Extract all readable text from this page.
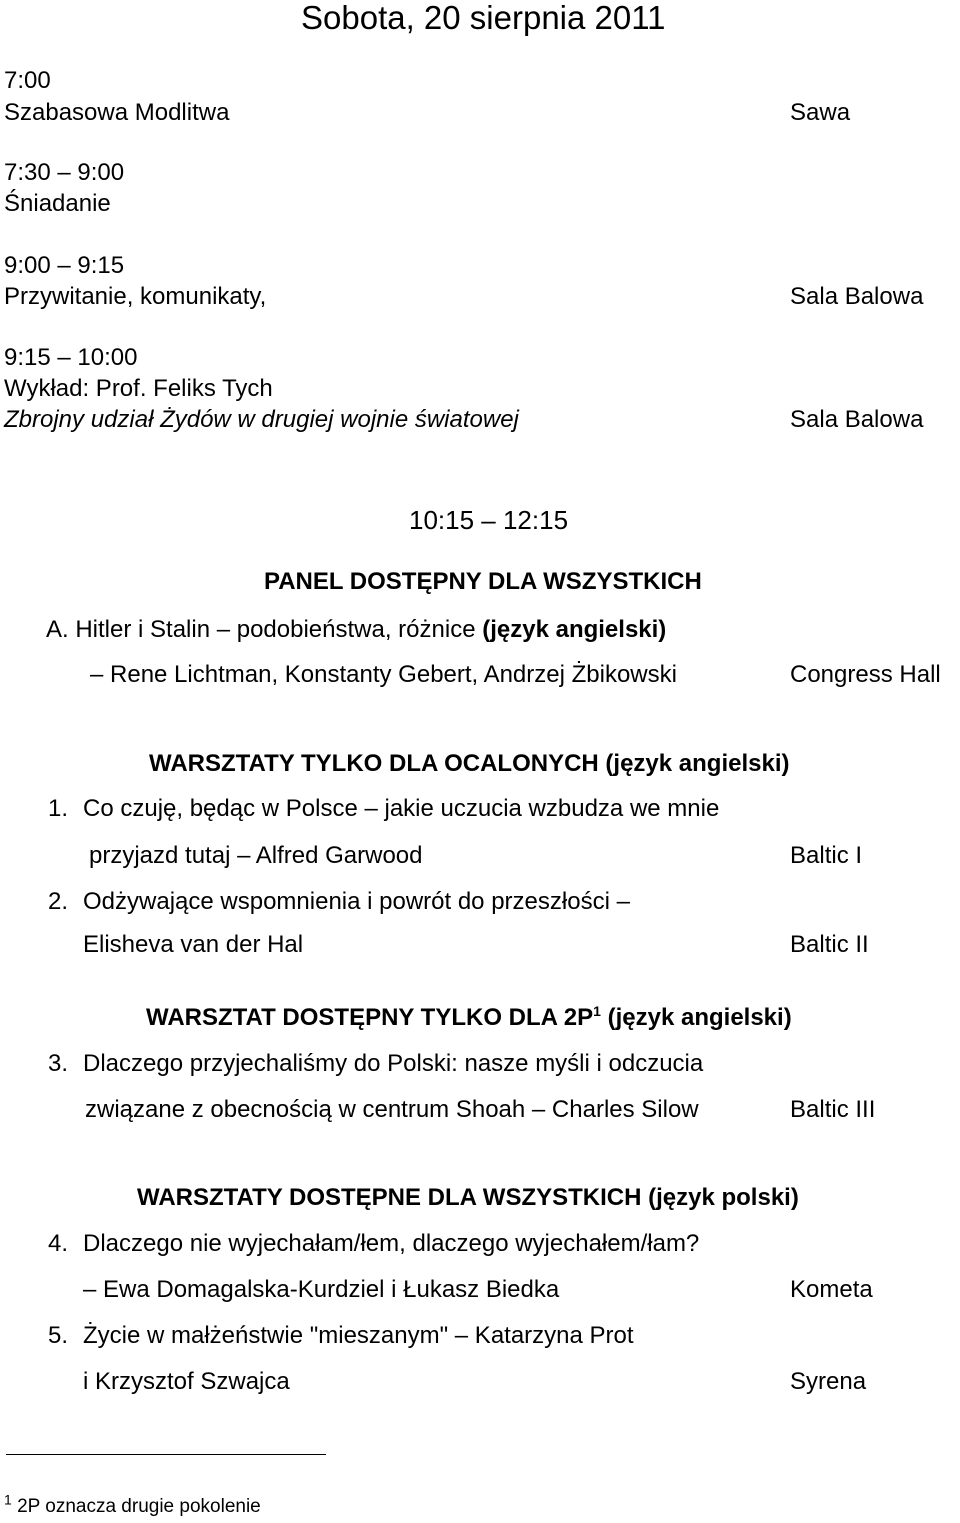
Sobota, 20 sierpnia 2011
7:00
Szabasowa Modlitwa	Sawa
7:30 – 9:00
Śniadanie
9:00 – 9:15
Przywitanie, komunikaty,	Sala Balowa
9:15 – 10:00
Wykład: Prof. Feliks Tych
Zbrojny udział Żydów w drugiej wojnie światowej	Sala Balowa
10:15 – 12:15
PANEL DOSTĘPNY DLA WSZYSTKICH
A. Hitler i Stalin – podobieństwa, różnice (język angielski)
– Rene Lichtman, Konstanty Gebert, Andrzej Żbikowski	Congress Hall
WARSZTATY TYLKO DLA OCALONYCH (język angielski)
1. Co czuję, będąc w Polsce – jakie uczucia wzbudza we mnie
przyjazd tutaj – Alfred Garwood	Baltic I
2. Odżywające wspomnienia i powrót do przeszłości –
Elisheva van der Hal	Baltic II
WARSZTAT DOSTĘPNY TYLKO DLA $2P^1$ (język angielski)
3. Dlaczego przyjechaliśmy do Polski: nasze myśli i odczucia
związane z obecnością w centrum Shoah – Charles Silow	Baltic III
WARSZTATY DOSTĘPNE DLA WSZYSTKICH (język polski)
4. Dlaczego nie wyjechałam/łem, dlaczego wyjechałem/łam?
– Ewa Domagalska-Kurdziel i Łukasz Biedka	Kometa
5. Życie w małżeństwie "mieszanym" – Katarzyna Prot
i Krzysztof Szwajca	Syrena
$^1$ 2P oznacza drugie pokolenie
